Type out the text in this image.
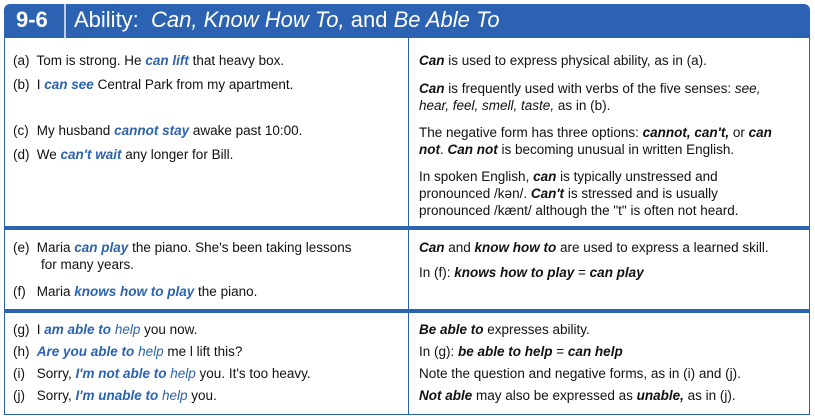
9-6 Ability: Can, Know How To, and Be Able To
(a) Tom is strong. He can lift that heavy box.
(b) I can see Central Park from my apartment.
(c) My husband cannot stay awake past 10:00.
(d) We can't wait any longer for Bill.
Can is used to express physical ability, as in (a).
Can is frequently used with verbs of the five senses: see,
hear, feel, smell, taste, as in (b).
The negative form has three options: cannot, can't, or can
not. Can not is becoming unusual in written English.
In spoken English, can is typically unstressed and
pronounced /kən/. Can't is stressed and is usually
pronounced /kænt/ although the "t" is often not heard.
(e) Maria can play the piano. She's been taking lessons
for many years.
(f) Maria knows how to play the piano.
Can and know how to are used to express a learned skill.
In (f): knows how to play = can play
(g) I am able to help you now.
(h) Are you able to help me l lift this?
(i) Sorry, I'm not able to help you. It's too heavy.
(j) Sorry, I'm unable to help you.
Be able to expresses ability.
In (g): be able to help = can help
Note the question and negative forms, as in (i) and (j).
Not able may also be expressed as unable, as in (j).
